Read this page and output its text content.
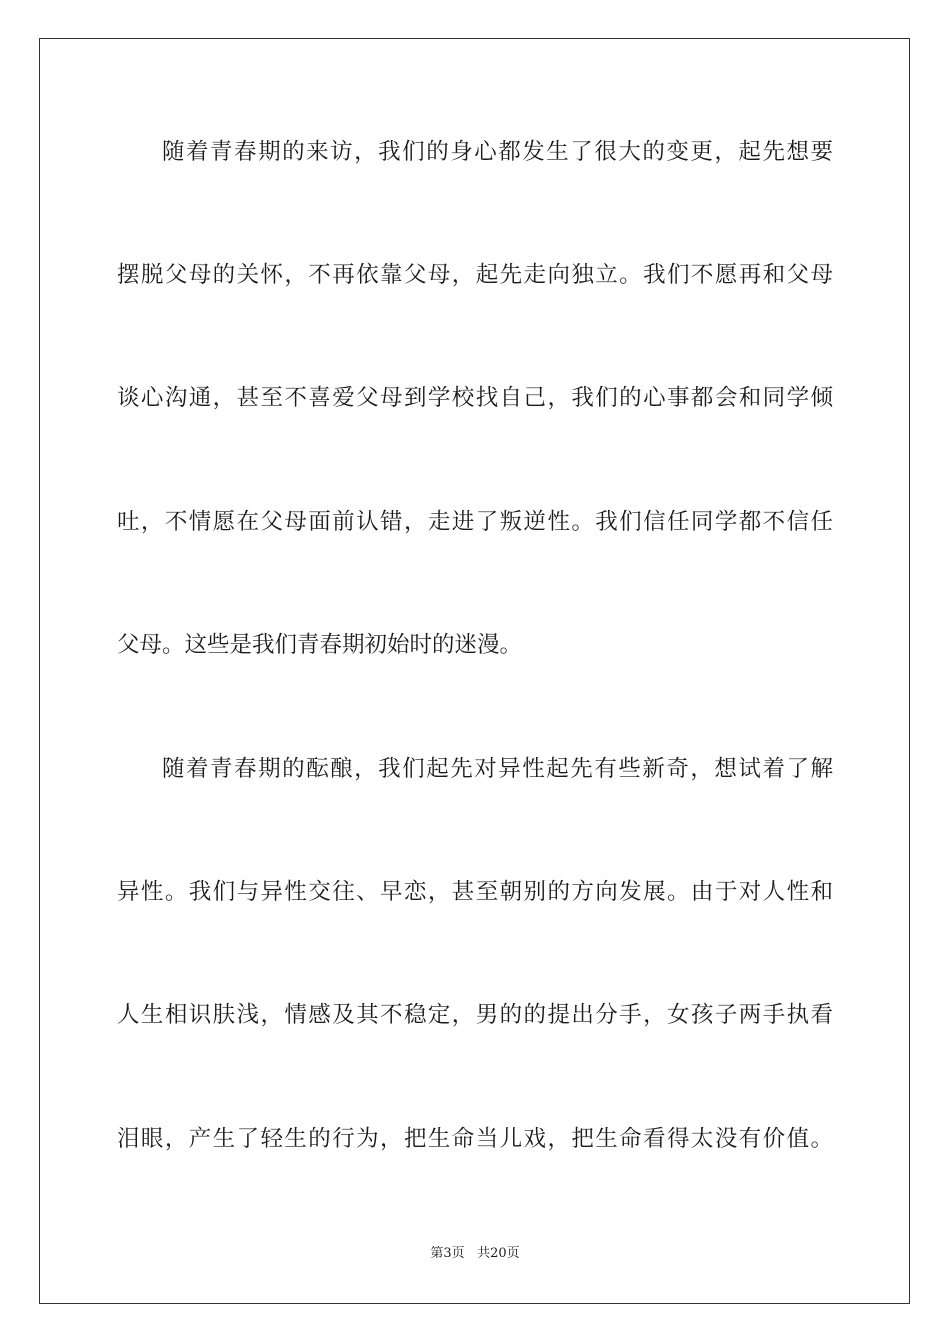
随着青春期的来访，我们的身心都发生了很大的变更，起先想要
摆脱父母的关怀，不再依靠父母，起先走向独立。我们不愿再和父母
谈心沟通，甚至不喜爱父母到学校找自己，我们的心事都会和同学倾
吐，不情愿在父母面前认错，走进了叛逆性。我们信任同学都不信任
父母。这些是我们青春期初始时的迷漫。
随着青春期的酝酿，我们起先对异性起先有些新奇，想试着了解
异性。我们与异性交往、早恋，甚至朝别的方向发展。由于对人性和
人生相识肤浅，情感及其不稳定，男的的提出分手，女孩子两手执看
泪眼，产生了轻生的行为，把生命当儿戏，把生命看得太没有价值。
第3页 共20页
